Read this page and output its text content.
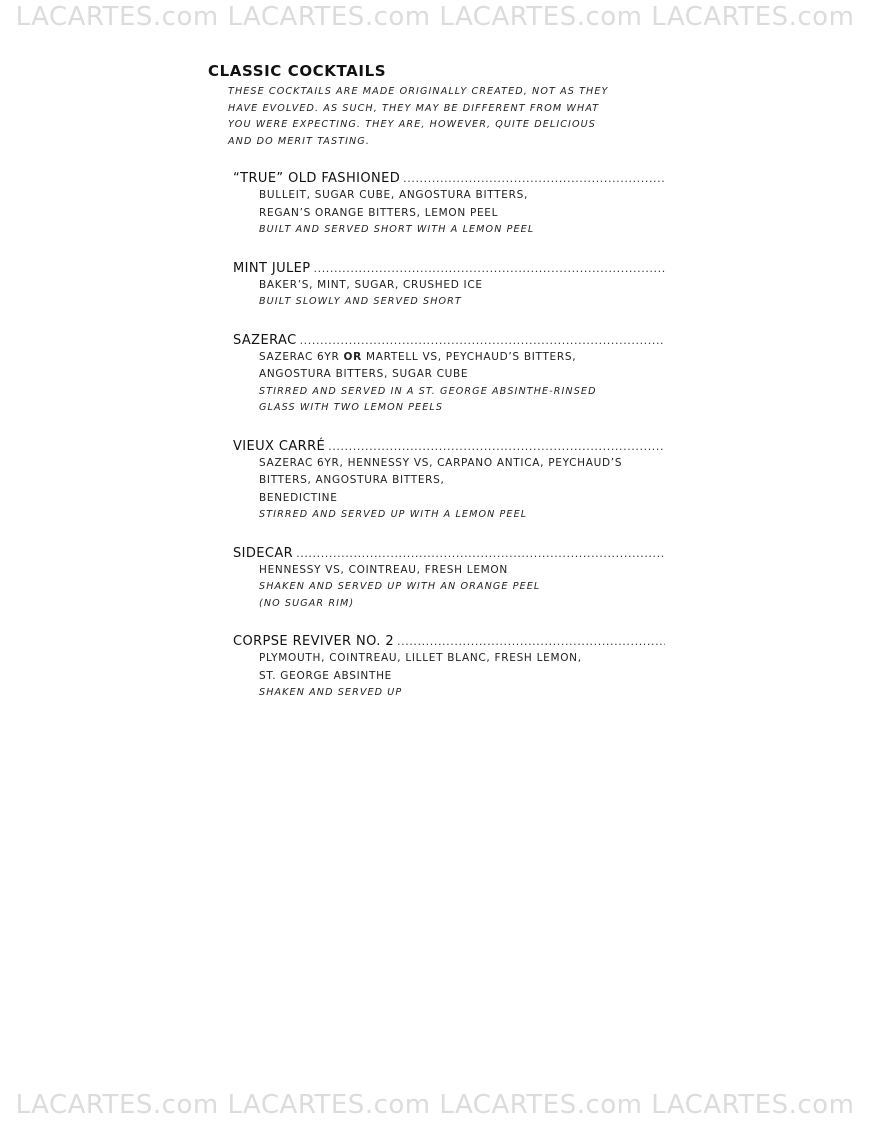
LACARTES.com LACARTES.com LACARTES.com LACARTES.com
CLASSIC COCKTAILS
THESE COCKTAILS ARE MADE ORIGINALLY CREATED, NOT AS THEY
HAVE EVOLVED. AS SUCH, THEY MAY BE DIFFERENT FROM WHAT
YOU WERE EXPECTING. THEY ARE, HOWEVER, QUITE DELICIOUS
AND DO MERIT TASTING.
“TRUE” OLD FASHIONED
.....
BULLEIT, SUGAR CUBE, ANGOSTURA BITTERS,
REGAN’S ORANGE BITTERS, LEMON PEEL
BUILT AND SERVED SHORT WITH A LEMON PEEL
MINT JULEP
.....
BAKER’S, MINT, SUGAR, CRUSHED ICE
BUILT SLOWLY AND SERVED SHORT
SAZERAC
.....
SAZERAC 6YR OR MARTELL VS, PEYCHAUD’S BITTERS,
ANGOSTURA BITTERS, SUGAR CUBE
STIRRED AND SERVED IN A ST. GEORGE ABSINTHE-RINSED
GLASS WITH TWO LEMON PEELS
VIEUX CARRÉ
.....
SAZERAC 6YR, HENNESSY VS, CARPANO ANTICA, PEYCHAUD’S
BITTERS, ANGOSTURA BITTERS,
BENEDICTINE
STIRRED AND SERVED UP WITH A LEMON PEEL
SIDECAR
.....
HENNESSY VS, COINTREAU, FRESH LEMON
SHAKEN AND SERVED UP WITH AN ORANGE PEEL
(NO SUGAR RIM)
CORPSE REVIVER NO. 2
.....
PLYMOUTH, COINTREAU, LILLET BLANC, FRESH LEMON,
ST. GEORGE ABSINTHE
SHAKEN AND SERVED UP
LACARTES.com LACARTES.com LACARTES.com LACARTES.com
